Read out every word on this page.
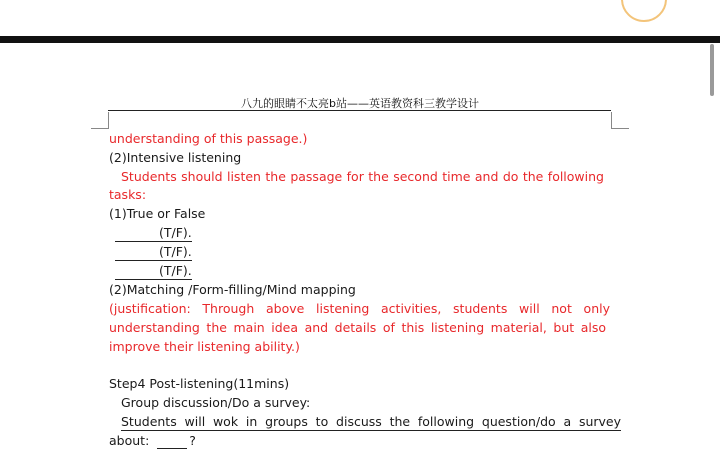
八九的眼睛不太亮b站——英语教资科三教学设计
understanding of this passage.)
(2)Intensive listening
Students should listen the passage for the second time and do the following
tasks:
(1)True or False
(T/F).
(T/F).
(T/F).
(2)Matching /Form-filling/Mind mapping
(justification: Through above listening activities, students will not only
understanding the main idea and details of this listening material, but also
improve their listening ability.)
Step4 Post-listening(11mins)
Group discussion/Do a survey:
Students will wok in groups to discuss the following question/do a survey
about:	?
